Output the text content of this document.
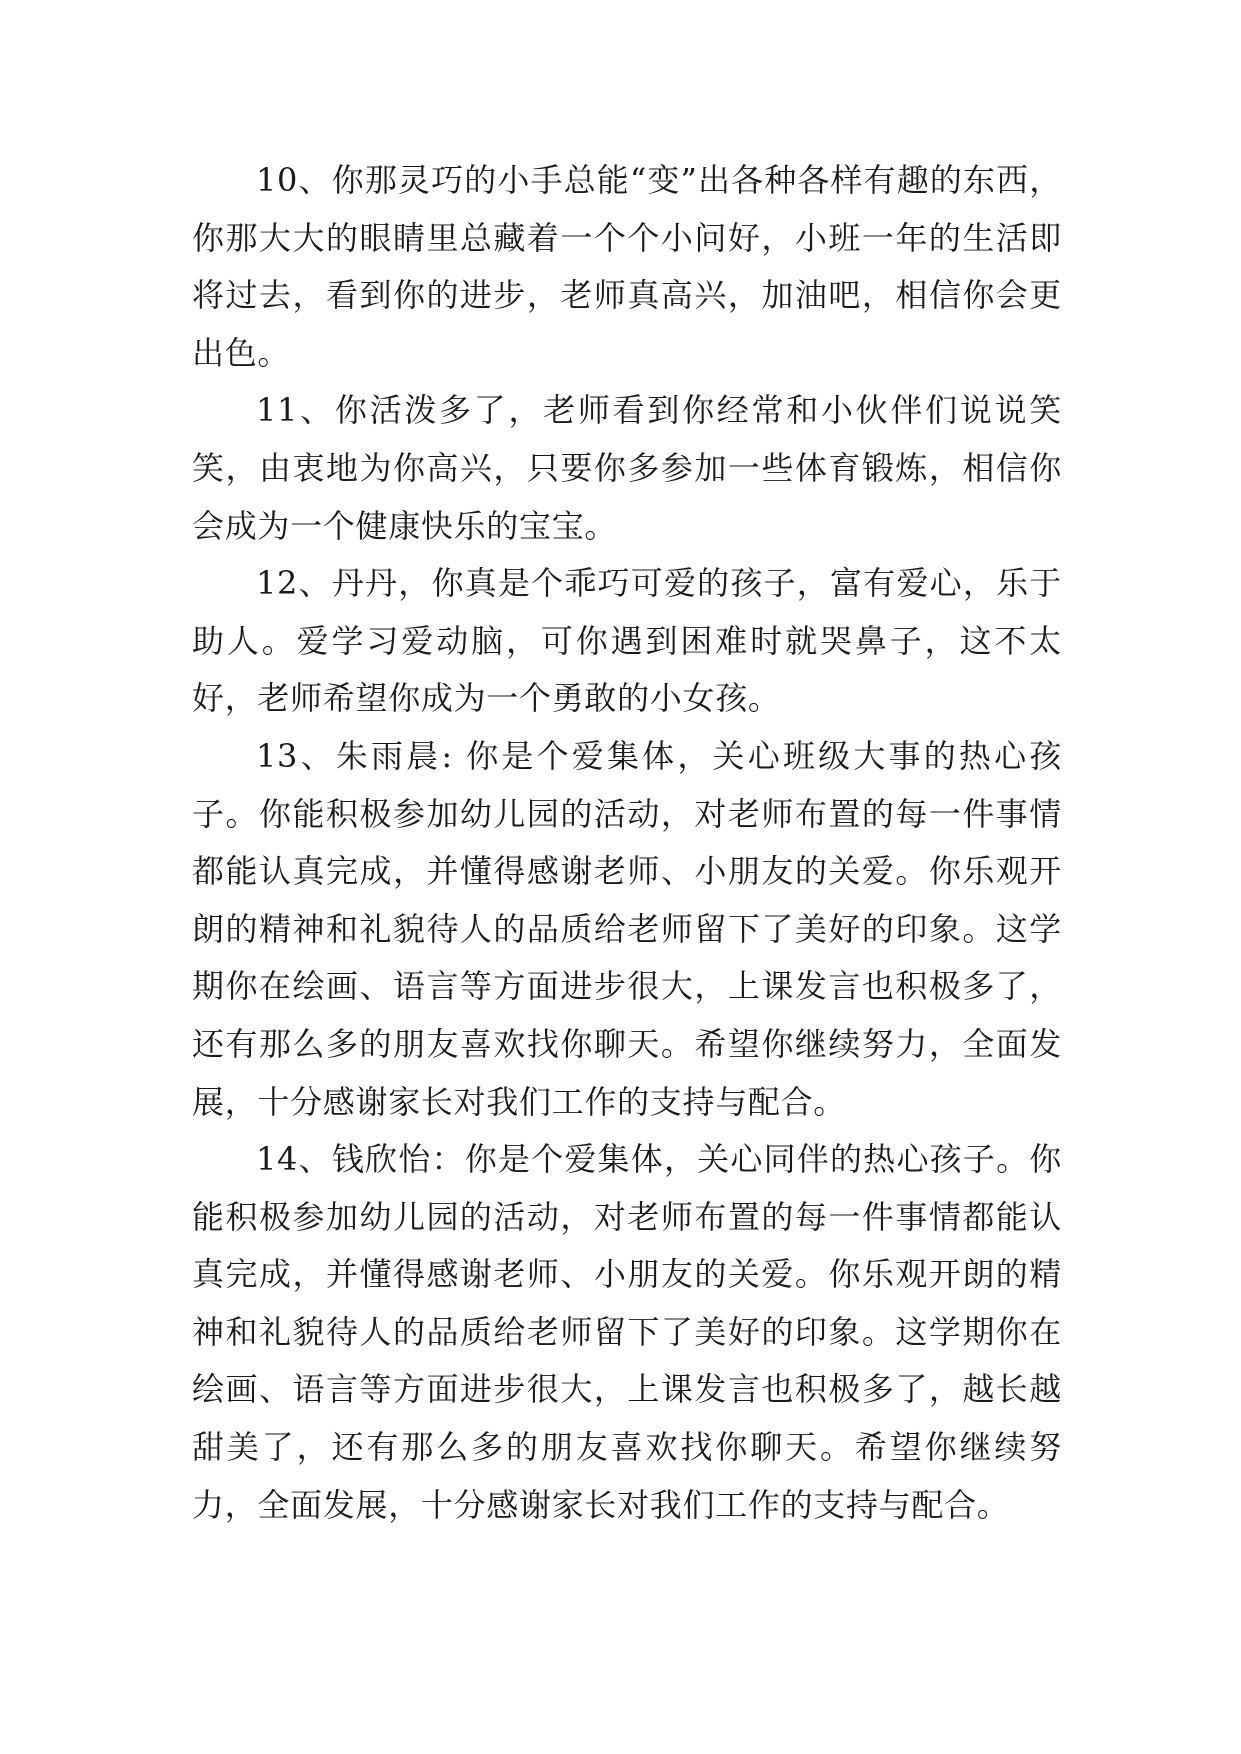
10、你那灵巧的小手总能“变”出各种各样有趣的东西，你那大大的眼睛里总藏着一个个小问好，小班一年的生活即将过去，看到你的进步，老师真高兴，加油吧，相信你会更出色。

11、你活泼多了，老师看到你经常和小伙伴们说说笑笑，由衷地为你高兴，只要你多参加一些体育锻炼，相信你会成为一个健康快乐的宝宝。

12、丹丹，你真是个乖巧可爱的孩子，富有爱心，乐于助人。爱学习爱动脑，可你遇到困难时就哭鼻子，这不太好，老师希望你成为一个勇敢的小女孩。

13、朱雨晨: 你是个爱集体，关心班级大事的热心孩子。你能积极参加幼儿园的活动，对老师布置的每一件事情都能认真完成，并懂得感谢老师、小朋友的关爱。你乐观开朗的精神和礼貌待人的品质给老师留下了美好的印象。这学期你在绘画、语言等方面进步很大，上课发言也积极多了，还有那么多的朋友喜欢找你聊天。希望你继续努力，全面发展，十分感谢家长对我们工作的支持与配合。

14、钱欣怡：你是个爱集体，关心同伴的热心孩子。你能积极参加幼儿园的活动，对老师布置的每一件事情都能认真完成，并懂得感谢老师、小朋友的关爱。你乐观开朗的精神和礼貌待人的品质给老师留下了美好的印象。这学期你在绘画、语言等方面进步很大，上课发言也积极多了，越长越甜美了，还有那么多的朋友喜欢找你聊天。希望你继续努力，全面发展，十分感谢家长对我们工作的支持与配合。
